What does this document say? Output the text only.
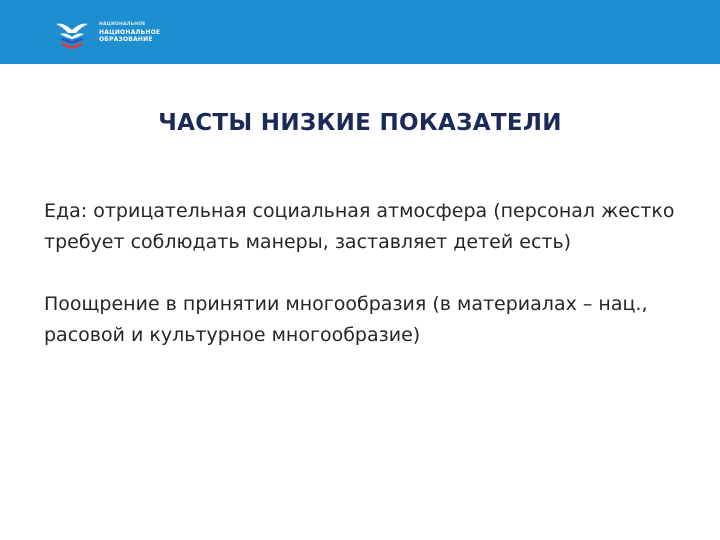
НАЦИОНАЛЬНОЕ
НАЦИОНАЛЬНОЕ
ОБРАЗОВАНИЕ
ЧАСТЫ НИЗКИЕ ПОКАЗАТЕЛИ

Еда: отрицательная социальная атмосфера (персонал жестко требует соблюдать манеры, заставляет детей есть)

Поощрение в принятии многообразия (в материалах – нац., расовой и культурное многообразие)
